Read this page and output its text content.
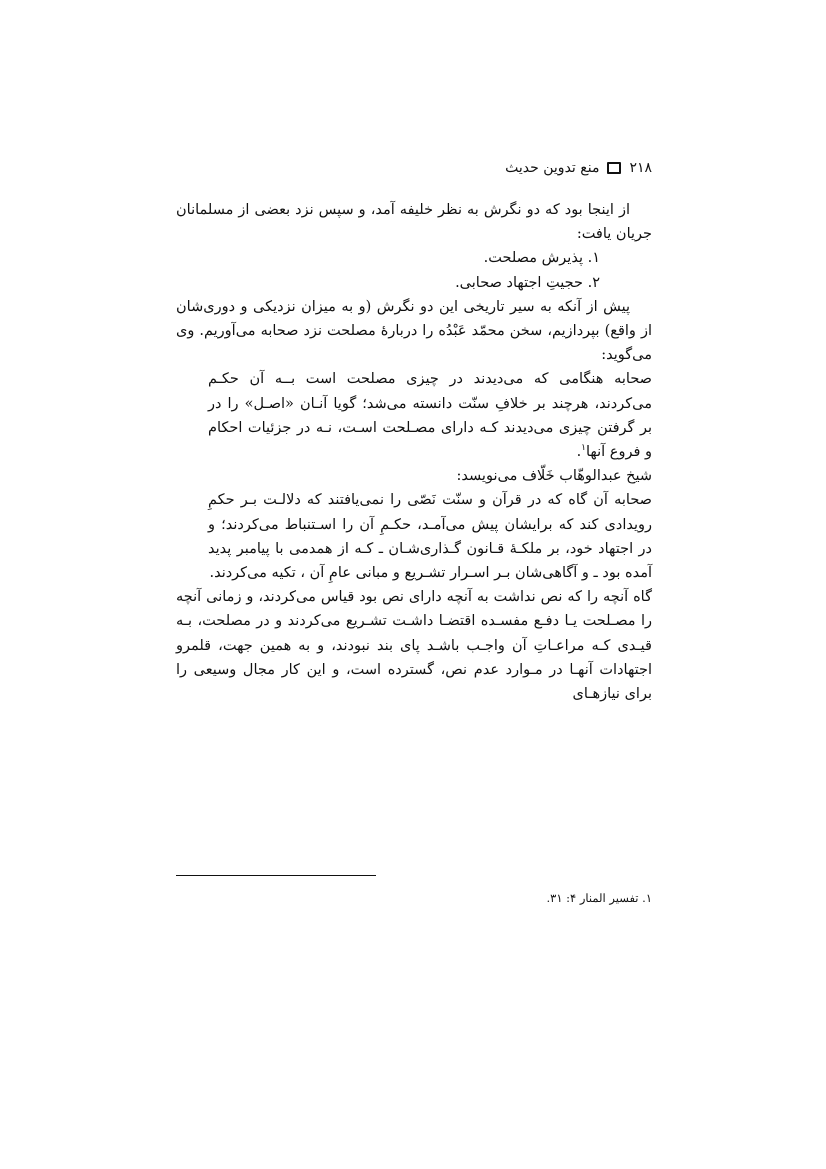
۲۱۸
منع تدوین حدیث

از اینجا بود که دو نگرش به نظر خلیفه آمد، و سپس نزد بعضی از مسلمانان جریان یافت:

۱. پذیرش مصلحت.

۲. حجیتِ اجتهاد صحابی.

پیش از آنکه به سیر تاریخی این دو نگرش (و به میزان نزدیکی و دوری‌شان از واقع) بپردازیم، سخن محمّد عَبْدُه را دربارهٔ مصلحت نزد صحابه می‌آوریم. وی می‌گوید:

صحابه هنگامی که می‌دیدند در چیزی مصلحت است بــه آن حکـم می‌کردند، هرچند بر خلافِ سنّت دانسته می‌شد؛ گویا آنـان «اصـل» را در بر گرفتن چیزی می‌دیدند کـه دارای مصـلحت اسـت، نـه در جزئیات احکام و فروع آنها$^۱$.

شیخ عبدالوهّاب خَلّاف می‌نویسد:

صحابه آن گاه که در قرآن و سنّت نَصّی را نمی‌یافتند که دلالـت بـر حکمِ رویدادی کند که برایشان پیش می‌آمـد، حکـمِ آن را اسـتنباط می‌کردند؛ و در اجتهاد خود، بر ملکـهٔ قـانون گـذاری‌شـان ـ کـه از همدمی با پیامبر پدید آمده بود ـ و آگاهی‌شان بـر اسـرار تشـریع و مبانی عامِ آن ، تکیه می‌کردند.

گاه آنچه را که نص نداشت به آنچه دارای نص بود قیاس می‌کردند، و زمانی آنچه را مصـلحت یـا دفـع مفسـده اقتضـا داشـت تشـریع می‌کردند و در مصلحت، بـه قیـدی کـه مراعـاتِ آن واجـب باشـد پای بند نبودند، و به همین جهت، قلمرو اجتهادات آنهـا در مـوارد عدم نص، گسترده است، و این کار مجال وسیعی را برای نیازهـای

۱. تفسیر المنار ۴: ۳۱.
